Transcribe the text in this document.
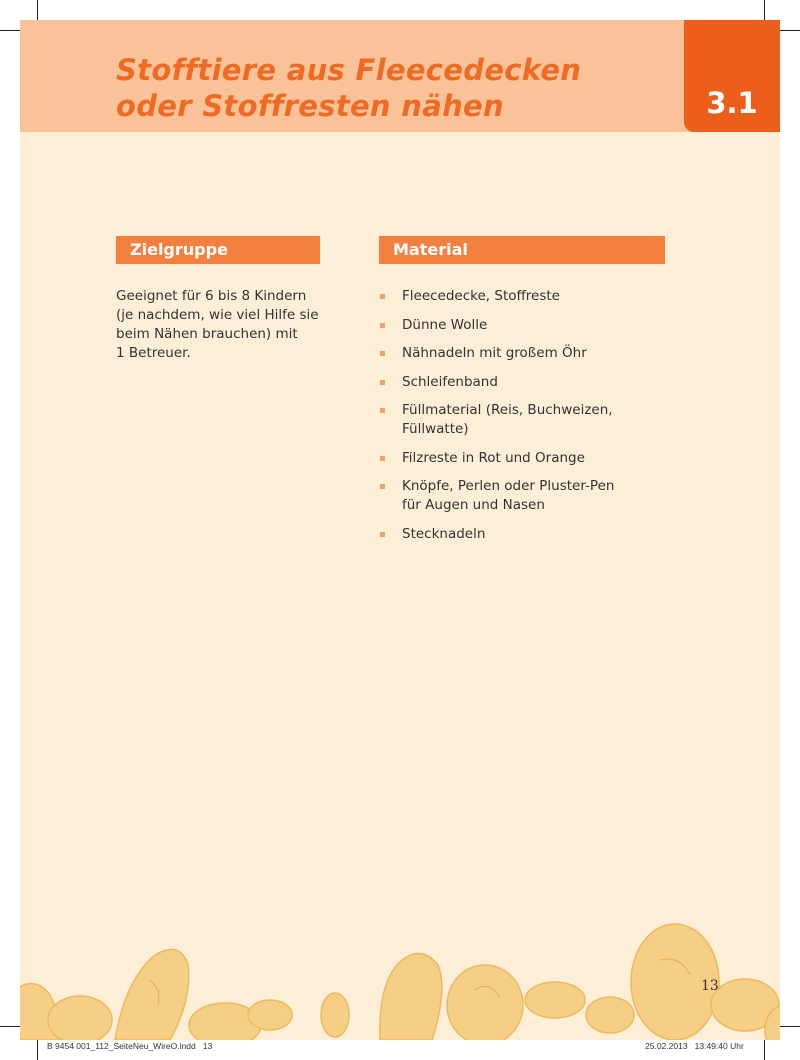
Stofftiere aus Fleecedecken
oder Stoffresten nähen	3.1
Zielgruppe	Material

Geeignet für 6 bis 8 Kindern
(je nachdem, wie viel Hilfe sie
beim Nähen brauchen) mit
1 Betreuer.

Fleecedecke, Stoffreste
Dünne Wolle
Nähnadeln mit großem Öhr
Schleifenband
Füllmaterial (Reis, Buchweizen,
Füllwatte)
Filzreste in Rot und Orange
Knöpfe, Perlen oder Pluster-Pen
für Augen und Nasen
Stecknadeln
13
B 9454 001_112_SeiteNeu_WireO.indd   13	25.02.2013   13:49:40 Uhr
